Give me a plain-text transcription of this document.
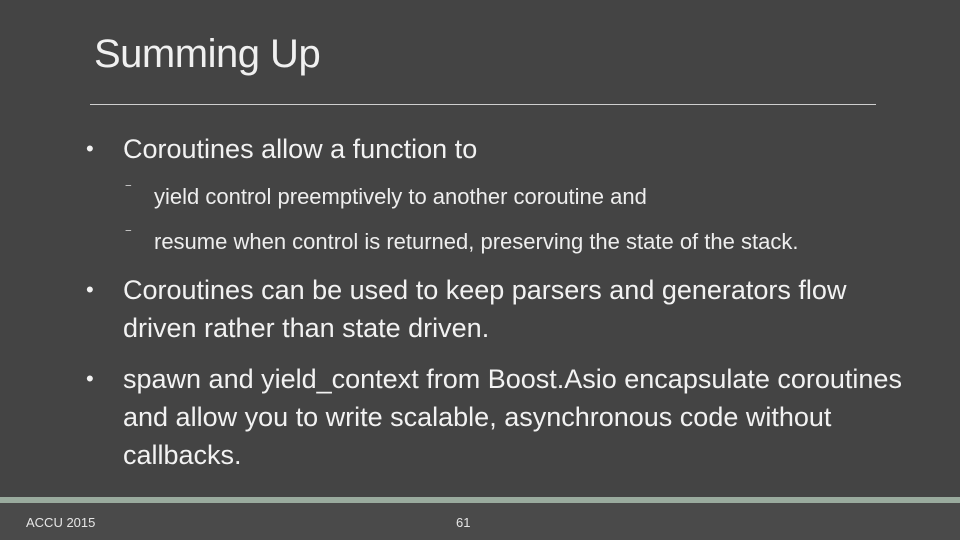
Summing Up
•	Coroutines allow a function to
‾ yield control preemptively to another coroutine and
‾ resume when control is returned, preserving the state of the stack.
•	Coroutines can be used to keep parsers and generators flow driven rather than state driven.
•	spawn and yield_context from Boost.Asio encapsulate coroutines and allow you to write scalable, asynchronous code without callbacks.
ACCU 2015	61
